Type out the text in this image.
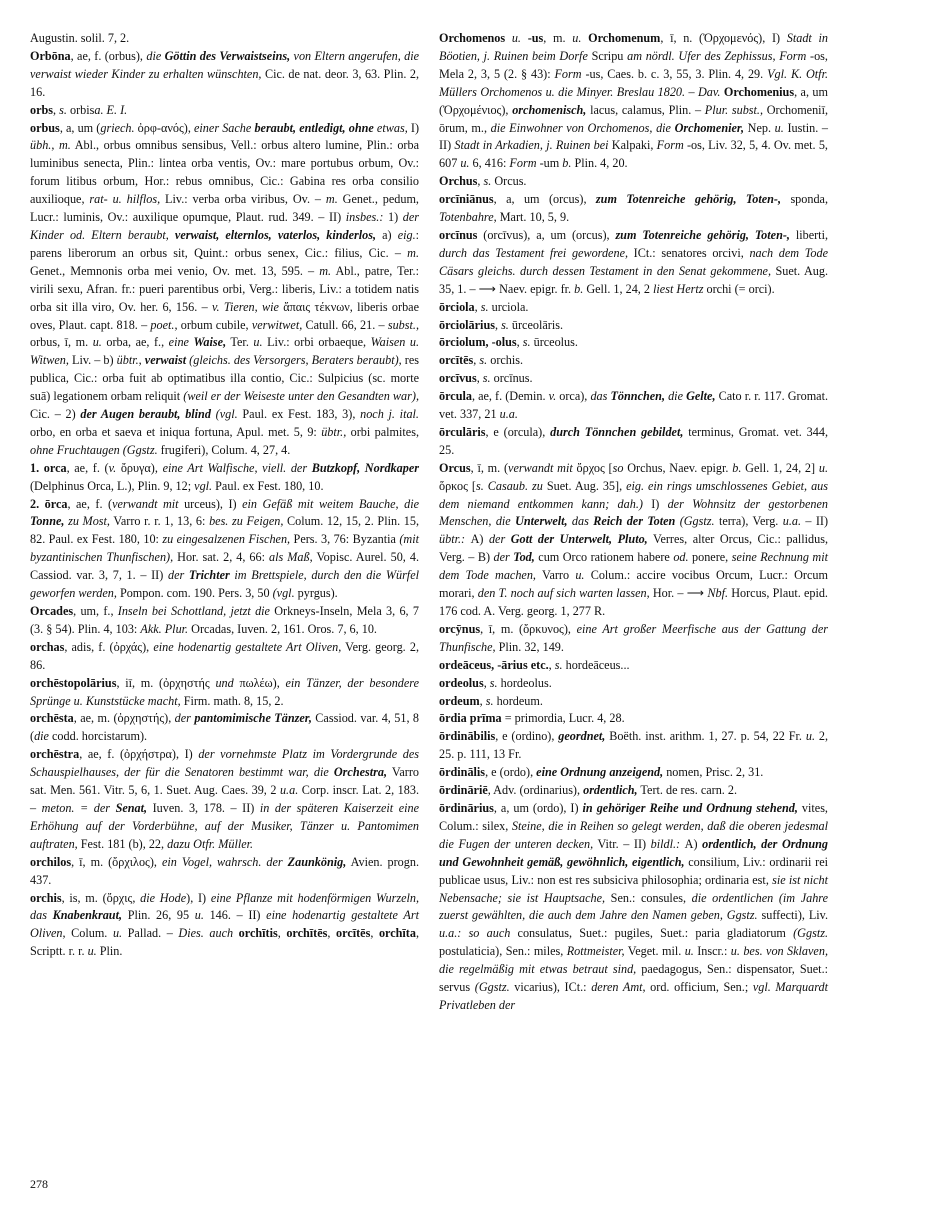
Augustin. solil. 7, 2.

Orbōna, ae, f. (orbus), die Göttin des Verwaistseins, von Eltern angerufen, die verwaist wieder Kinder zu erhalten wünschten, Cic. de nat. deor. 3, 63. Plin. 2, 16.

orbs, s. orbisa. E. I.

orbus, a, um (griech. ὀρφ-ανός), einer Sache beraubt, entledigt, ohne etwas, I) übh., m. Abl., orbus omnibus sensibus, Vell.: orbus altero lumine, Plin.: orba luminibus senecta, Plin.: lintea orba ventis, Ov.: mare portubus orbum, Ov.: forum litibus orbum, Hor.: rebus omnibus, Cic.: Gabina res orba consilio auxilioque, rat- u. hilflos, Liv.: verba orba viribus, Ov. – m. Genet., pedum, Lucr.: luminis, Ov.: auxilique opumque, Plaut. rud. 349. – II) insbes.: 1) der Kinder od. Eltern beraubt, verwaist, elternlos, vaterlos, kinderlos, a) eig.: parens liberorum an orbus sit, Quint.: orbus senex, Cic.: filius, Cic. – m. Genet., Memnonis orba mei venio, Ov. met. 13, 595. – m. Abl., patre, Ter.: virili sexu, Afran. fr.: pueri parentibus orbi, Verg.: liberis, Liv.: a totidem natis orba sit illa viro, Ov. her. 6, 156. – v. Tieren, wie ἄπαις τέκνων, liberis orbae oves, Plaut. capt. 818. – poet., orbum cubile, verwitwet, Catull. 66, 21. – subst., orbus, ī, m. u. orba, ae, f., eine Waise, Ter. u. Liv.: orbi orbaeque, Waisen u. Witwen, Liv. – b) übtr., verwaist (gleichs. des Versorgers, Beraters beraubt), res publica, Cic.: orba fuit ab optimatibus illa contio, Cic.: Sulpicius (sc. morte suā) legationem orbam reliquit (weil er der Weiseste unter den Gesandten war), Cic. – 2) der Augen beraubt, blind (vgl. Paul. ex Fest. 183, 3), noch j. ital. orbo, en orba et saeva et iniqua fortuna, Apul. met. 5, 9: übtr., orbi palmites, ohne Fruchtaugen (Ggstz. frugiferi), Colum. 4, 27, 4.

1. orca, ae, f. (v. ὄρυγα), eine Art Walfische, viell. der Butzkopf, Nordkaper (Delphinus Orca, L.), Plin. 9, 12; vgl. Paul. ex Fest. 180, 10.

2. ōrca, ae, f. (verwandt mit urceus), I) ein Gefäß mit weitem Bauche, die Tonne, zu Most, Varro r. r. 1, 13, 6: bes. zu Feigen, Colum. 12, 15, 2. Plin. 15, 82. Paul. ex Fest. 180, 10: zu eingesalzenen Fischen, Pers. 3, 76: Byzantia (mit byzantinischen Thunfischen), Hor. sat. 2, 4, 66: als Maß, Vopisc. Aurel. 50, 4. Cassiod. var. 3, 7, 1. – II) der Trichter im Brettspiele, durch den die Würfel geworfen werden, Pompon. com. 190. Pers. 3, 50 (vgl. pyrgus).

Orcades, um, f., Inseln bei Schottland, jetzt die Orkneys-Inseln, Mela 3, 6, 7 (3. § 54). Plin. 4, 103: Akk. Plur. Orcadas, Iuven. 2, 161. Oros. 7, 6, 10.

orchas, adis, f. (ὀρχάς), eine hodenartig gestaltete Art Oliven, Verg. georg. 2, 86.

orchēstopolārius, iī, m. (ὀρχηστής und πωλέω), ein Tänzer, der besondere Sprünge u. Kunststücke macht, Firm. math. 8, 15, 2.

orchēsta, ae, m. (ὀρχηστής), der pantomimische Tänzer, Cassiod. var. 4, 51, 8 (die codd. horcistarum).

orchēstra, ae, f. (ὀρχήστρα), I) der vornehmste Platz im Vordergrunde des Schauspielhauses, der für die Senatoren bestimmt war, die Orchestra, Varro sat. Men. 561. Vitr. 5, 6, 1. Suet. Aug. Caes. 39, 2 u.a. Corp. inscr. Lat. 2, 183. – meton. = der Senat, Iuven. 3, 178. – II) in der späteren Kaiserzeit eine Erhöhung auf der Vorderbühne, auf der Musiker, Tänzer u. Pantomimen auftraten, Fest. 181 (b), 22, dazu Otfr. Müller.

orchilos, ī, m. (ὄρχιλος), ein Vogel, wahrsch. der Zaunkönig, Avien. progn. 437.

orchis, is, m. (ὄρχις, die Hode), I) eine Pflanze mit hodenförmigen Wurzeln, das Knabenkraut, Plin. 26, 95 u. 146. – II) eine hodenartig gestaltete Art Oliven, Colum. u. Pallad. – Dies. auch orchītis, orchītēs, orcītēs, orchīta, Scriptt. r. r. u. Plin.

Orchomenos u. -us, m. u. Orchomenum, ī, n. (Ὀρχομενός), I) Stadt in Böotien, j. Ruinen beim Dorfe Scripu am nördl. Ufer des Zephissus, Form -os, Mela 2, 3, 5 (2. § 43): Form -us, Caes. b. c. 3, 55, 3. Plin. 4, 29. Vgl. K. Otfr. Müllers Orchomenos u. die Minyer. Breslau 1820. – Dav. Orchomenius, a, um (Ὀρχομένιος), orchomenisch, lacus, calamus, Plin. – Plur. subst., Orchomeniī, ōrum, m., die Einwohner von Orchomenos, die Orchomenier, Nep. u. Iustin. – II) Stadt in Arkadien, j. Ruinen bei Kalpaki, Form -os, Liv. 32, 5, 4. Ov. met. 5, 607 u. 6, 416: Form -um b. Plin. 4, 20.

Orchus, s. Orcus.

orcīniānus, a, um (orcus), zum Totenreiche gehörig, Toten-, sponda, Totenbahre, Mart. 10, 5, 9.

orcīnus (orcīvus), a, um (orcus), zum Totenreiche gehörig, Toten-, liberti, durch das Testament frei gewordene, ICt.: senatores orcivi, nach dem Tode Cäsars gleichs. durch dessen Testament in den Senat gekommene, Suet. Aug. 35, 1. – ⟶ Naev. epigr. fr. b. Gell. 1, 24, 2 liest Hertz orchi (= orci).

ōrciola, s. urciola.

ōrciolārius, s. ūrceolāris.

ōrciolum, -olus, s. ūrceolus.

orcītēs, s. orchis.

orcīvus, s. orcīnus.

ōrcula, ae, f. (Demin. v. orca), das Tönnchen, die Gelte, Cato r. r. 117. Gromat. vet. 337, 21 u.a.

ōrculāris, e (orcula), durch Tönnchen gebildet, terminus, Gromat. vet. 344, 25.

Orcus, ī, m. (verwandt mit ὄρχος [so Orchus, Naev. epigr. b. Gell. 1, 24, 2] u. ὅρκος [s. Casaub. zu Suet. Aug. 35], eig. ein rings umschlossenes Gebiet, aus dem niemand entkommen kann; dah.) I) der Wohnsitz der gestorbenen Menschen, die Unterwelt, das Reich der Toten (Ggstz. terra), Verg. u.a. – II) übtr.: A) der Gott der Unterwelt, Pluto, Verres, alter Orcus, Cic.: pallidus, Verg. – B) der Tod, cum Orco rationem habere od. ponere, seine Rechnung mit dem Tode machen, Varro u. Colum.: accire vocibus Orcum, Lucr.: Orcum morari, den T. noch auf sich warten lassen, Hor. – ⟶ Nbf. Horcus, Plaut. epid. 176 cod. A. Verg. georg. 1, 277 R.

orcȳnus, ī, m. (ὄρκυνος), eine Art großer Meerfische aus der Gattung der Thunfische, Plin. 32, 149.

ordeāceus, -ārius etc., s. hordeāceus...

ordeolus, s. hordeolus.

ordeum, s. hordeum.

ōrdia prīma = primordia, Lucr. 4, 28.

ōrdinābilis, e (ordino), geordnet, Boëth. inst. arithm. 1, 27. p. 54, 22 Fr. u. 2, 25. p. 111, 13 Fr.

ōrdinālis, e (ordo), eine Ordnung anzeigend, nomen, Prisc. 2, 31.

ōrdināriē, Adv. (ordinarius), ordentlich, Tert. de res. carn. 2.

ōrdinārius, a, um (ordo), I) in gehöriger Reihe und Ordnung stehend, vites, Colum.: silex, Steine, die in Reihen so gelegt werden, daß die oberen jedesmal die Fugen der unteren decken, Vitr. – II) bildl.: A) ordentlich, der Ordnung und Gewohnheit gemäß, gewöhnlich, eigentlich, consilium, Liv.: ordinarii rei publicae usus, Liv.: non est res subsiciva philosophia; ordinaria est, sie ist nicht Nebensache; sie ist Hauptsache, Sen.: consules, die ordentlichen (im Jahre zuerst gewählten, die auch dem Jahre den Namen geben, Ggstz. suffecti), Liv. u.a.: so auch consulatus, Suet.: pugiles, Suet.: paria gladiatorum (Ggstz. postulaticia), Sen.: miles, Rottmeister, Veget. mil. u. Inscr.: u. bes. von Sklaven, die regelmäßig mit etwas betraut sind, paedagogus, Sen.: dispensator, Suet.: servus (Ggstz. vicarius), ICt.: deren Amt, ord. officium, Sen.; vgl. Marquardt Privatleben der

278
